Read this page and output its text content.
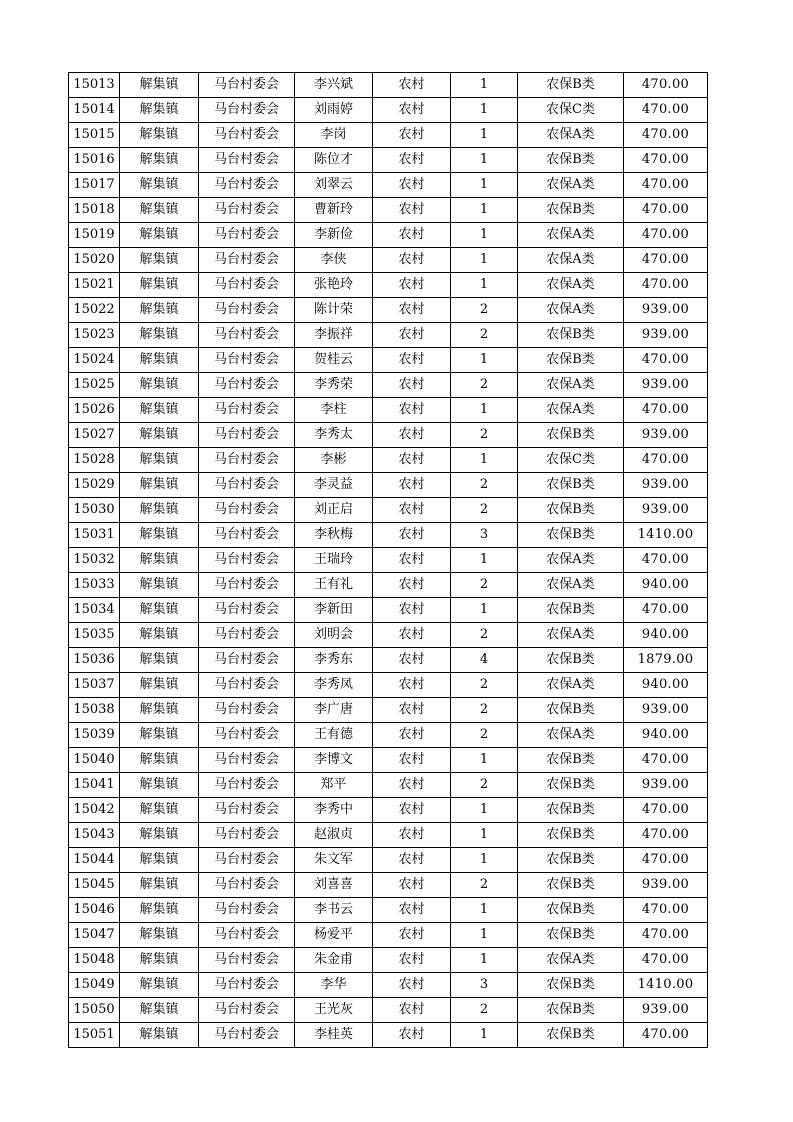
15013	解集镇	马台村委会	李兴斌	农村	1	农保B类	470.00
15014	解集镇	马台村委会	刘雨婷	农村	1	农保C类	470.00
15015	解集镇	马台村委会	李岗	农村	1	农保A类	470.00
15016	解集镇	马台村委会	陈位才	农村	1	农保B类	470.00
15017	解集镇	马台村委会	刘翠云	农村	1	农保A类	470.00
15018	解集镇	马台村委会	曹新玲	农村	1	农保B类	470.00
15019	解集镇	马台村委会	李新俭	农村	1	农保A类	470.00
15020	解集镇	马台村委会	李侠	农村	1	农保A类	470.00
15021	解集镇	马台村委会	张艳玲	农村	1	农保A类	470.00
15022	解集镇	马台村委会	陈计荣	农村	2	农保A类	939.00
15023	解集镇	马台村委会	李振祥	农村	2	农保B类	939.00
15024	解集镇	马台村委会	贺桂云	农村	1	农保B类	470.00
15025	解集镇	马台村委会	李秀荣	农村	2	农保A类	939.00
15026	解集镇	马台村委会	李柱	农村	1	农保A类	470.00
15027	解集镇	马台村委会	李秀太	农村	2	农保B类	939.00
15028	解集镇	马台村委会	李彬	农村	1	农保C类	470.00
15029	解集镇	马台村委会	李灵益	农村	2	农保B类	939.00
15030	解集镇	马台村委会	刘正启	农村	2	农保B类	939.00
15031	解集镇	马台村委会	李秋梅	农村	3	农保B类	1410.00
15032	解集镇	马台村委会	王瑞玲	农村	1	农保A类	470.00
15033	解集镇	马台村委会	王有礼	农村	2	农保A类	940.00
15034	解集镇	马台村委会	李新田	农村	1	农保B类	470.00
15035	解集镇	马台村委会	刘明会	农村	2	农保A类	940.00
15036	解集镇	马台村委会	李秀东	农村	4	农保B类	1879.00
15037	解集镇	马台村委会	李秀凤	农村	2	农保A类	940.00
15038	解集镇	马台村委会	李广唐	农村	2	农保B类	939.00
15039	解集镇	马台村委会	王有德	农村	2	农保A类	940.00
15040	解集镇	马台村委会	李博文	农村	1	农保B类	470.00
15041	解集镇	马台村委会	郑平	农村	2	农保B类	939.00
15042	解集镇	马台村委会	李秀中	农村	1	农保B类	470.00
15043	解集镇	马台村委会	赵淑贞	农村	1	农保B类	470.00
15044	解集镇	马台村委会	朱文军	农村	1	农保B类	470.00
15045	解集镇	马台村委会	刘喜喜	农村	2	农保B类	939.00
15046	解集镇	马台村委会	李书云	农村	1	农保B类	470.00
15047	解集镇	马台村委会	杨爱平	农村	1	农保B类	470.00
15048	解集镇	马台村委会	朱金甫	农村	1	农保A类	470.00
15049	解集镇	马台村委会	李华	农村	3	农保B类	1410.00
15050	解集镇	马台村委会	王光灰	农村	2	农保B类	939.00
15051	解集镇	马台村委会	李桂英	农村	1	农保B类	470.00
